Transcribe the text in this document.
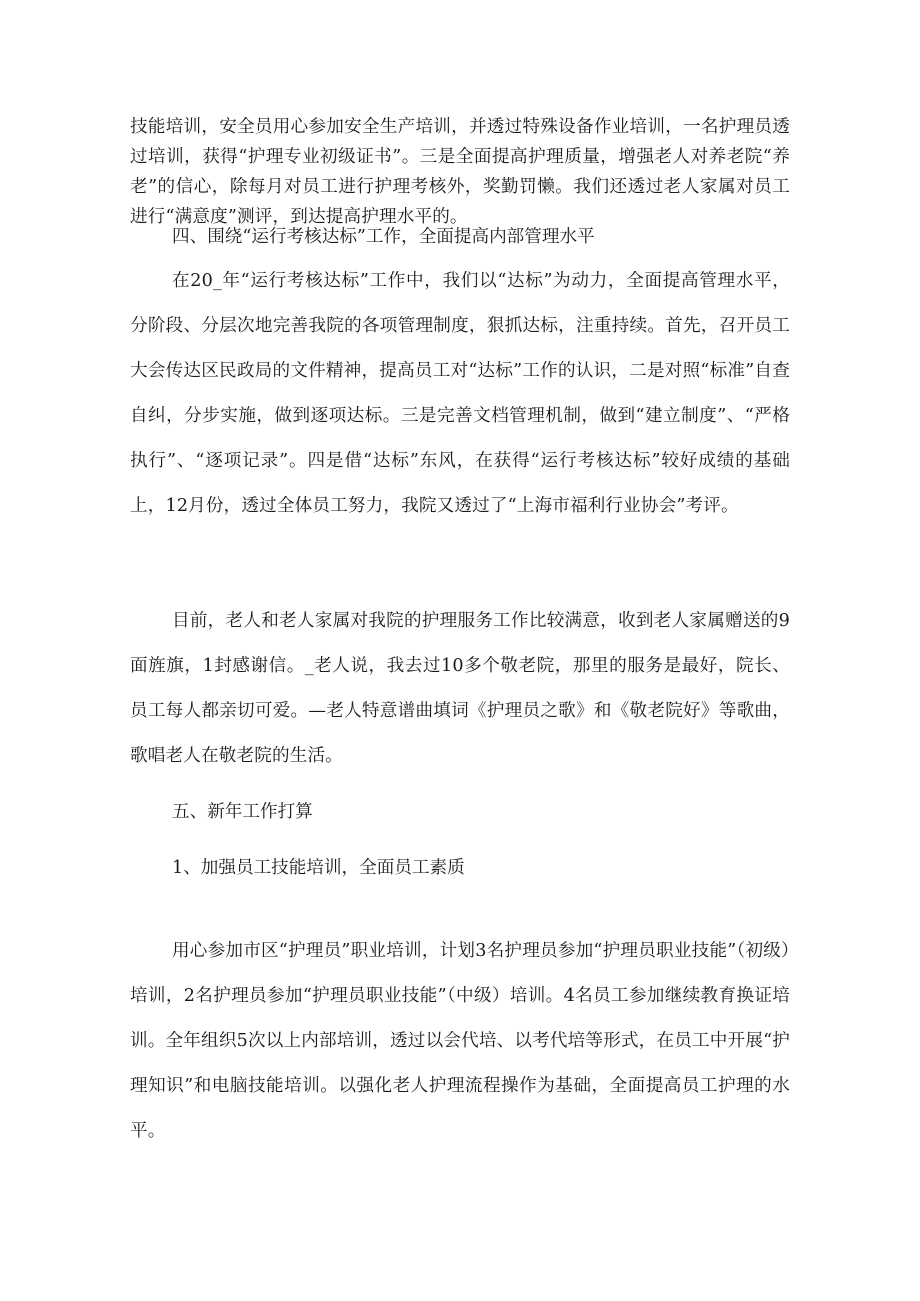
技能培训，安全员用心参加安全生产培训，并透过特殊设备作业培训，一名护理员透过培训，获得“护理专业初级证书”。三是全面提高护理质量，增强老人对养老院“养老”的信心，除每月对员工进行护理考核外，奖勤罚懒。我们还透过老人家属对员工进行“满意度”测评，到达提高护理水平的。

四、围绕“运行考核达标”工作，全面提高内部管理水平

在20_年“运行考核达标”工作中，我们以“达标”为动力，全面提高管理水平，分阶段、分层次地完善我院的各项管理制度，狠抓达标，注重持续。首先，召开员工大会传达区民政局的文件精神，提高员工对“达标”工作的认识，二是对照“标准”自查自纠，分步实施，做到逐项达标。三是完善文档管理机制，做到“建立制度”、“严格执行”、“逐项记录”。四是借“达标”东风，在获得“运行考核达标”较好成绩的基础上，12月份，透过全体员工努力，我院又透过了“上海市福利行业协会”考评。

目前，老人和老人家属对我院的护理服务工作比较满意，收到老人家属赠送的9面旌旗，1封感谢信。_老人说，我去过10多个敬老院，那里的服务是最好，院长、员工每人都亲切可爱。—老人特意谱曲填词《护理员之歌》和《敬老院好》等歌曲，歌唱老人在敬老院的生活。

五、新年工作打算

1、加强员工技能培训，全面员工素质

用心参加市区“护理员”职业培训，计划3名护理员参加“护理员职业技能”（初级）培训，2名护理员参加“护理员职业技能”（中级）培训。4名员工参加继续教育换证培训。全年组织5次以上内部培训，透过以会代培、以考代培等形式，在员工中开展“护理知识”和电脑技能培训。以强化老人护理流程操作为基础，全面提高员工护理的水平。
